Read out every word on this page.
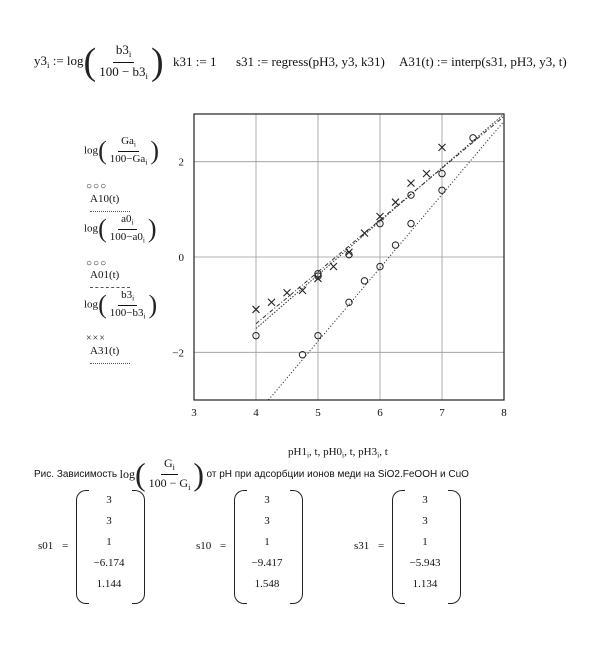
$y3_i$ := $\log( \frac{b3_i}{100 - b3_i}$ ) k31 := 1 s31 := regress(pH3, y3, k31) A31(t) := interp(s31, pH3, y3, t)
$\log( \frac{Ga_i}{100-Ga_i}$ )
○○○
A10(t)
$\log( \frac{a0_i}{100-a0_i}$ )
○○○
A01(t)
$\log( \frac{b3_i}{100-b3_i}$ )
×××
A31(t)
3	4	5	6	7	8
−2
0
2
$pH1_i$, t, $pH0_i$, t, $pH3_i$, t
Рис. Зависимость $\log( \frac{G_i}{100 - G_i}$ ) от pH при адсорбции ионов меди на SiO2.FeOOH и CuO
s01 =
3
3
1
−6.174
1.144
s10 =
3
3
1
−9.417
1.548
s31 =
3
3
1
−5.943
1.134
